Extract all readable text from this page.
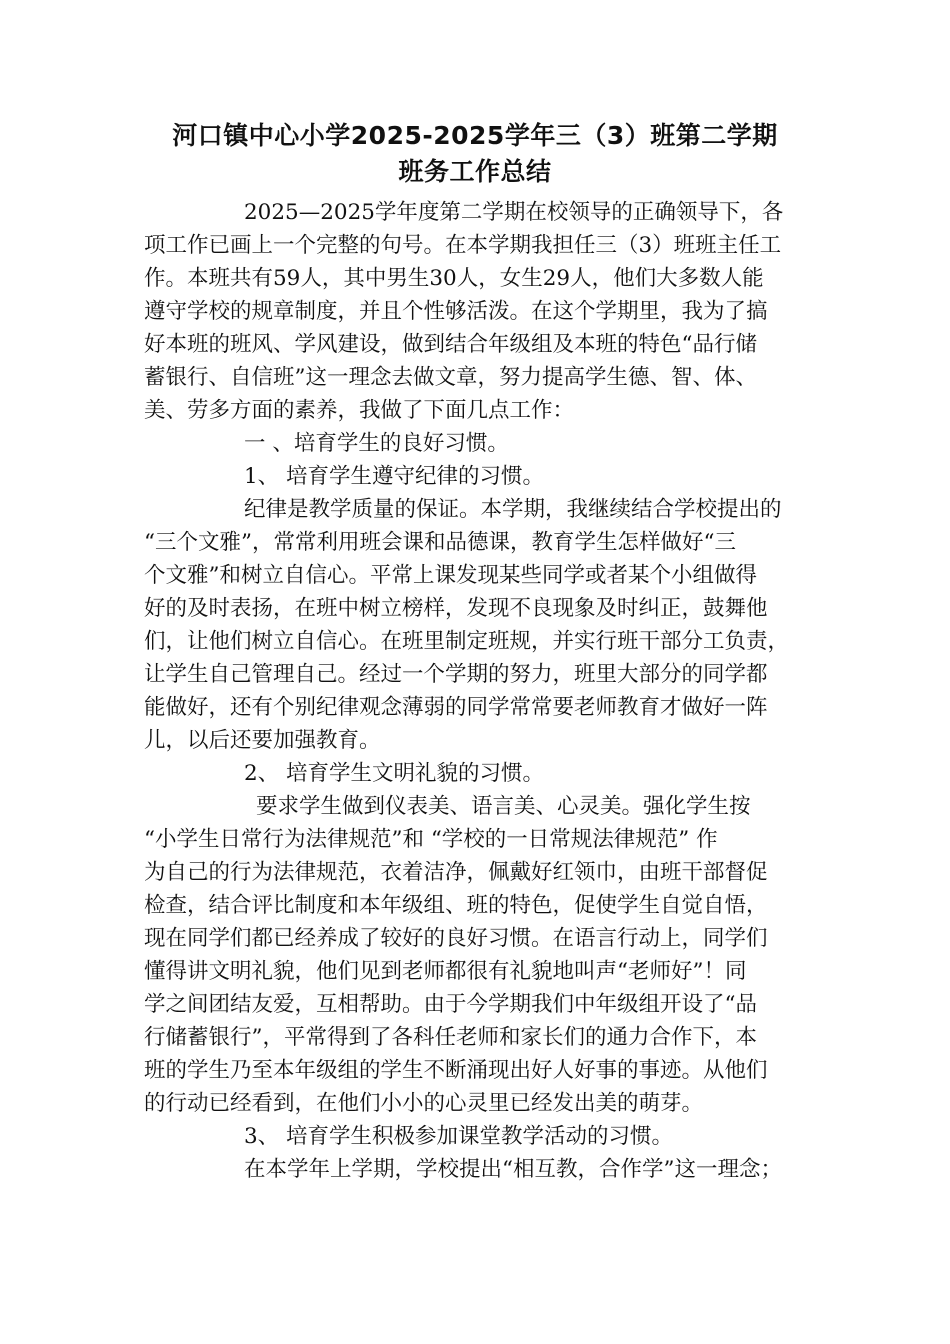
河口镇中心小学2025-2025学年三（3）班第二学期
班务工作总结
2025—2025学年度第二学期在校领导的正确领导下，各
项工作已画上一个完整的句号。在本学期我担任三（3）班班主任工
作。本班共有59人，其中男生30人，女生29人，他们大多数人能
遵守学校的规章制度，并且个性够活泼。在这个学期里，我为了搞
好本班的班风、学风建设，做到结合年级组及本班的特色“品行储
蓄银行、自信班”这一理念去做文章，努力提高学生德、智、体、
美、劳多方面的素养，我做了下面几点工作：
一 、培育学生的良好习惯。
1、 培育学生遵守纪律的习惯。
纪律是教学质量的保证。本学期，我继续结合学校提出的
“三个文雅”，常常利用班会课和品德课，教育学生怎样做好“三
个文雅”和树立自信心。平常上课发现某些同学或者某个小组做得
好的及时表扬，在班中树立榜样，发现不良现象及时纠正，鼓舞他
们，让他们树立自信心。在班里制定班规，并实行班干部分工负责，
让学生自己管理自己。经过一个学期的努力，班里大部分的同学都
能做好，还有个别纪律观念薄弱的同学常常要老师教育才做好一阵
儿，以后还要加强教育。
2、 培育学生文明礼貌的习惯。
要求学生做到仪表美、语言美、心灵美。强化学生按
“小学生日常行为法律规范”和 “学校的一日常规法律规范” 作
为自己的行为法律规范，衣着洁净，佩戴好红领巾，由班干部督促
检查，结合评比制度和本年级组、班的特色，促使学生自觉自悟，
现在同学们都已经养成了较好的良好习惯。在语言行动上，同学们
懂得讲文明礼貌，他们见到老师都很有礼貌地叫声“老师好”！同
学之间团结友爱，互相帮助。由于今学期我们中年级组开设了“品
行储蓄银行”，平常得到了各科任老师和家长们的通力合作下，本
班的学生乃至本年级组的学生不断涌现出好人好事的事迹。从他们
的行动已经看到，在他们小小的心灵里已经发出美的萌芽。
3、 培育学生积极参加课堂教学活动的习惯。
在本学年上学期，学校提出“相互教，合作学”这一理念；
